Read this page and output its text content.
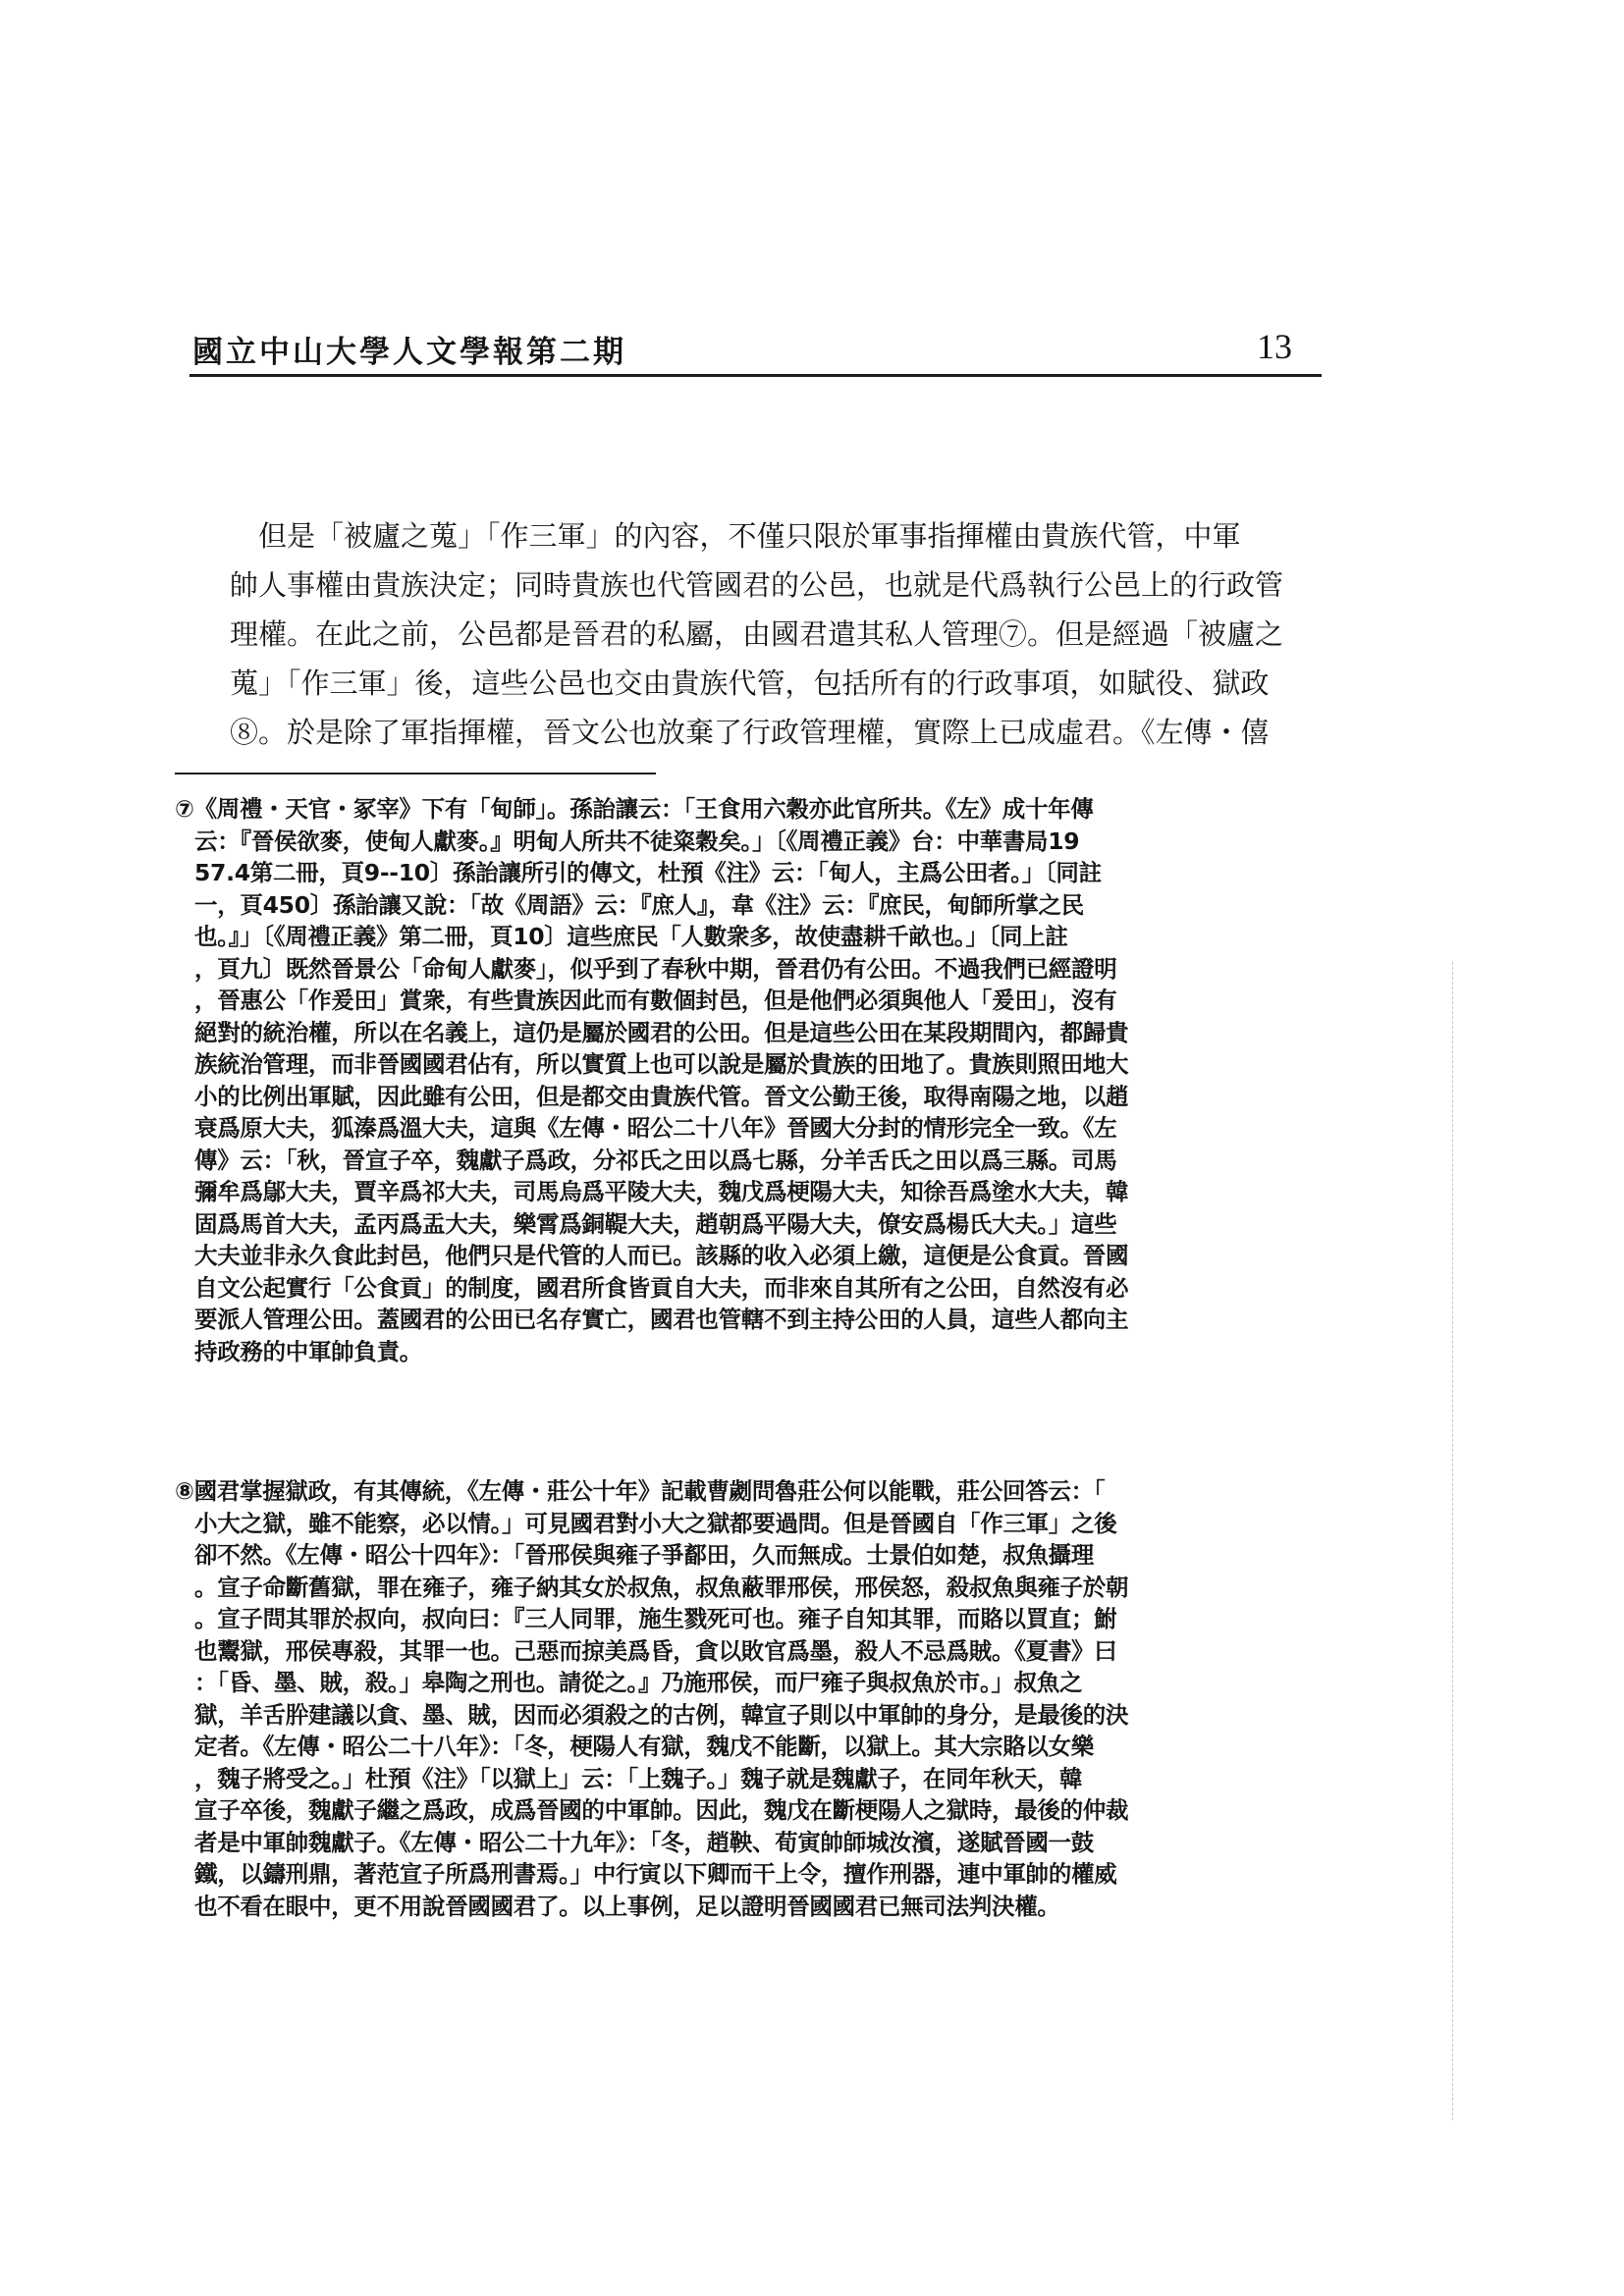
國立中山大學人文學報第二期	13
　但是「被廬之蒐」「作三軍」的內容，不僅只限於軍事指揮權由貴族代管，中軍
帥人事權由貴族決定；同時貴族也代管國君的公邑，也就是代爲執行公邑上的行政管
理權。在此之前，公邑都是晉君的私屬，由國君遣其私人管理⑦。但是經過「被廬之
蒐」「作三軍」後，這些公邑也交由貴族代管，包括所有的行政事項，如賦役、獄政
⑧。於是除了軍指揮權，晉文公也放棄了行政管理權，實際上已成虛君。《左傳・僖
⑦《周禮・天官・冢宰》下有「甸師」。孫詒讓云：「王食用六穀亦此官所共。《左》成十年傳
云：『晉侯欲麥，使甸人獻麥。』明甸人所共不徒粢穀矣。」〔《周禮正義》台：中華書局19
57.4第二冊，頁9--10〕孫詒讓所引的傳文，杜預《注》云：「甸人，主爲公田者。」〔同註
一，頁450〕孫詒讓又說：「故《周語》云：『庶人』，韋《注》云：『庶民，甸師所掌之民
也。』」〔《周禮正義》第二冊，頁10〕這些庶民「人數衆多，故使盡耕千畝也。」〔同上註
，頁九〕既然晉景公「命甸人獻麥」，似乎到了春秋中期，晉君仍有公田。不過我們已經證明
，晉惠公「作爰田」賞衆，有些貴族因此而有數個封邑，但是他們必須與他人「爰田」，沒有
絕對的統治權，所以在名義上，這仍是屬於國君的公田。但是這些公田在某段期間內，都歸貴
族統治管理，而非晉國國君佔有，所以實質上也可以說是屬於貴族的田地了。貴族則照田地大
小的比例出軍賦，因此雖有公田，但是都交由貴族代管。晉文公勤王後，取得南陽之地，以趙
衰爲原大夫，狐溱爲溫大夫，這與《左傳・昭公二十八年》晉國大分封的情形完全一致。《左
傳》云：「秋，晉宣子卒，魏獻子爲政，分祁氏之田以爲七縣，分羊舌氏之田以爲三縣。司馬
彌牟爲鄔大夫，賈辛爲祁大夫，司馬烏爲平陵大夫，魏戊爲梗陽大夫，知徐吾爲塗水大夫，韓
固爲馬首大夫，孟丙爲盂大夫，樂霄爲銅鞮大夫，趙朝爲平陽大夫，僚安爲楊氏大夫。」這些
大夫並非永久食此封邑，他們只是代管的人而已。該縣的收入必須上繳，這便是公食貢。晉國
自文公起實行「公食貢」的制度，國君所食皆貢自大夫，而非來自其所有之公田，自然沒有必
要派人管理公田。蓋國君的公田已名存實亡，國君也管轄不到主持公田的人員，這些人都向主
持政務的中軍帥負責。
⑧國君掌握獄政，有其傳統，《左傳・莊公十年》記載曹劌問魯莊公何以能戰，莊公回答云：「
小大之獄，雖不能察，必以情。」可見國君對小大之獄都要過問。但是晉國自「作三軍」之後
卻不然。《左傳・昭公十四年》：「晉邢侯與雍子爭鄐田，久而無成。士景伯如楚，叔魚攝理
。宣子命斷舊獄，罪在雍子，雍子納其女於叔魚，叔魚蔽罪邢侯，邢侯怒，殺叔魚與雍子於朝
。宣子問其罪於叔向，叔向曰：『三人同罪，施生戮死可也。雍子自知其罪，而賂以買直；鮒
也鬻獄，邢侯專殺，其罪一也。己惡而掠美爲昏，貪以敗官爲墨，殺人不忌爲賊。《夏書》曰
：「昏、墨、賊，殺。」皋陶之刑也。請從之。』乃施邢侯，而尸雍子與叔魚於市。」叔魚之
獄，羊舌肸建議以貪、墨、賊，因而必須殺之的古例，韓宣子則以中軍帥的身分，是最後的決
定者。《左傳・昭公二十八年》：「冬，梗陽人有獄，魏戊不能斷，以獄上。其大宗賂以女樂
，魏子將受之。」杜預《注》「以獄上」云：「上魏子。」魏子就是魏獻子，在同年秋天，韓
宣子卒後，魏獻子繼之爲政，成爲晉國的中軍帥。因此，魏戊在斷梗陽人之獄時，最後的仲裁
者是中軍帥魏獻子。《左傳・昭公二十九年》：「冬，趙鞅、荀寅帥師城汝濱，遂賦晉國一鼓
鐵，以鑄刑鼎，著范宣子所爲刑書焉。」中行寅以下卿而干上令，擅作刑器，連中軍帥的權威
也不看在眼中，更不用說晉國國君了。以上事例，足以證明晉國國君已無司法判決權。
